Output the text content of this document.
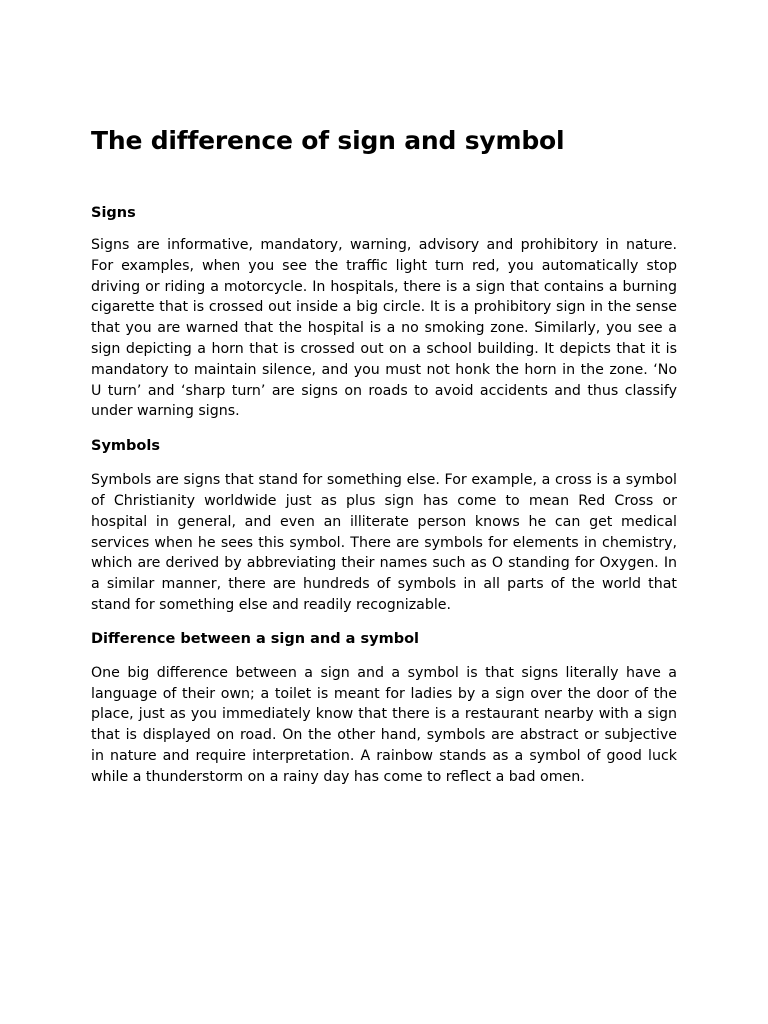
The difference of sign and symbol
Signs

Signs are informative, mandatory, warning, advisory and prohibitory in nature. For examples, when you see the traffic light turn red, you automatically stop driving or riding a motorcycle. In hospitals, there is a sign that contains a burning cigarette that is crossed out inside a big circle. It is a prohibitory sign in the sense that you are warned that the hospital is a no smoking zone. Similarly, you see a sign depicting a horn that is crossed out on a school building. It depicts that it is mandatory to maintain silence, and you must not honk the horn in the zone. ‘No U turn’ and ‘sharp turn’ are signs on roads to avoid accidents and thus classify under warning signs.

Symbols

Symbols are signs that stand for something else. For example, a cross is a symbol of Christianity worldwide just as plus sign has come to mean Red Cross or hospital in general, and even an illiterate person knows he can get medical services when he sees this symbol. There are symbols for elements in chemistry, which are derived by abbreviating their names such as O standing for Oxygen. In a similar manner, there are hundreds of symbols in all parts of the world that stand for something else and readily recognizable.

Difference between a sign and a symbol

One big difference between a sign and a symbol is that signs literally have a language of their own; a toilet is meant for ladies by a sign over the door of the place, just as you immediately know that there is a restaurant nearby with a sign that is displayed on road. On the other hand, symbols are abstract or subjective in nature and require interpretation. A rainbow stands as a symbol of good luck while a thunderstorm on a rainy day has come to reflect a bad omen.
